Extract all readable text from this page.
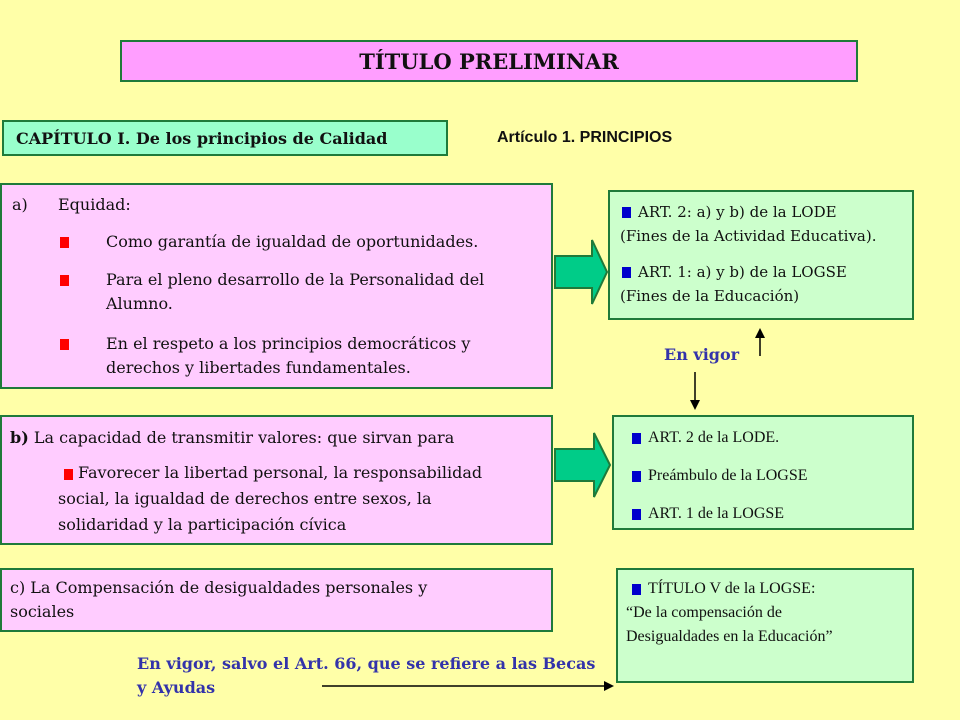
TÍTULO PRELIMINAR
CAPÍTULO I. De los principios de Calidad	Artículo 1. PRINCIPIOS
a) Equidad:
Como garantía de igualdad de oportunidades.
Para el pleno desarrollo de la Personalidad del
Alumno.
En el respeto a los principios democráticos y
derechos y libertades fundamentales.
b) La capacidad de transmitir valores: que sirvan para
Favorecer la libertad personal, la responsabilidad
social, la igualdad de derechos entre sexos, la
solidaridad y la participación cívica
c) La Compensación de desigualdades personales y
sociales
ART. 2: a) y b) de la LODE
(Fines de la Actividad Educativa).
ART. 1: a) y b) de la LOGSE
(Fines de la Educación)
ART. 2 de la LODE.
Preámbulo de la LOGSE
ART. 1 de la LOGSE
TÍTULO V de la LOGSE:
“De la compensación de
Desigualdades en la Educación”
En vigor
En vigor, salvo el Art. 66, que se refiere a las Becas
y Ayudas
